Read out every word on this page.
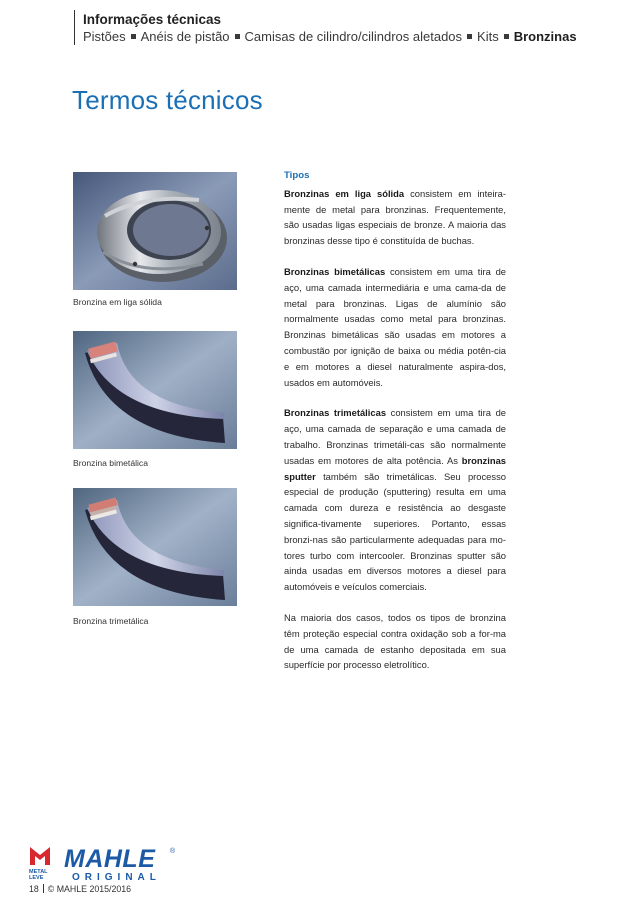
Informações técnicas
Pistões Anéis de pistão Camisas de cilindro/cilindros aletados Kits Bronzinas
Termos técnicos
Bronzina em liga sólida
Bronzina bimetálica
Bronzina trimetálica
Tipos

Bronzinas em liga sólida consistem em inteira-mente de metal para bronzinas. Frequentemente, são usadas ligas especiais de bronze. A maioria das bronzinas desse tipo é constituída de buchas.

Bronzinas bimetálicas consistem em uma tira de aço, uma camada intermediária e uma cama-da de metal para bronzinas. Ligas de alumínio são normalmente usadas como metal para bronzinas. Bronzinas bimetálicas são usadas em motores a combustão por ignição de baixa ou média potên-cia e em motores a diesel naturalmente aspira-dos, usados em automóveis.

Bronzinas trimetálicas consistem em uma tira de aço, uma camada de separação e uma camada de trabalho. Bronzinas trimetáli-cas são normalmente usadas em motores de alta potência. As bronzinas sputter também são trimetálicas. Seu processo especial de produção (sputtering) resulta em uma camada com dureza e resistência ao desgaste significa-tivamente superiores. Portanto, essas bronzi-nas são particularmente adequadas para mo-tores turbo com intercooler. Bronzinas sputter são ainda usadas em diversos motores a diesel para automóveis e veículos comerciais.

Na maioria dos casos, todos os tipos de bronzina têm proteção especial contra oxidação sob a for-ma de uma camada de estanho depositada em sua superfície por processo eletrolítico.

METAL
LEVE
MAHLE ®
ORIGINAL
18 © MAHLE 2015/2016
